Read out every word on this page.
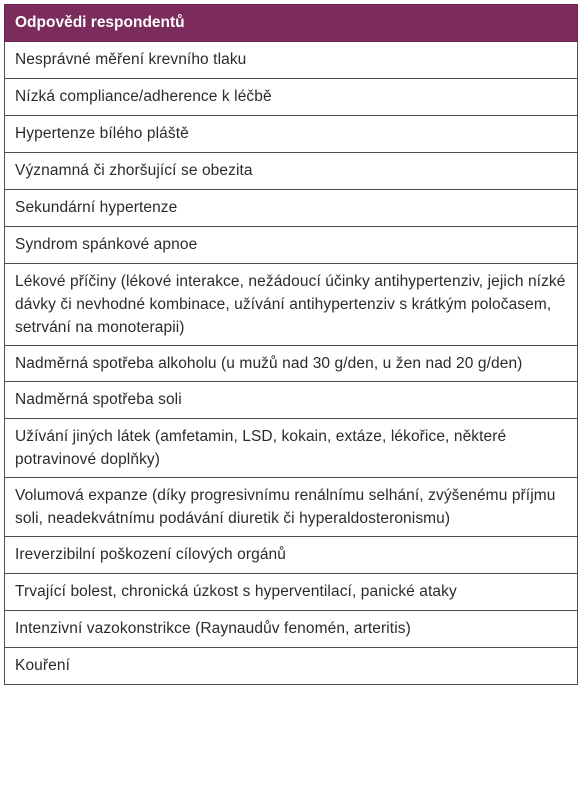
Odpovědi respondentů
Nesprávné měření krevního tlaku
Nízká compliance/adherence k léčbě
Hypertenze bílého pláště
Významná či zhoršující se obezita
Sekundární hypertenze
Syndrom spánkové apnoe
Lékové příčiny (lékové interakce, nežádoucí účinky antihypertenziv, jejich nízké dávky či nevhodné kombinace, užívání antihypertenziv s krátkým poločasem, setrvání na monoterapii)
Nadměrná spotřeba alkoholu (u mužů nad 30 g/den, u žen nad 20 g/den)
Nadměrná spotřeba soli
Užívání jiných látek (amfetamin, LSD, kokain, extáze, lékořice, některé potravinové doplňky)
Volumová expanze (díky progresivnímu renálnímu selhání, zvýšenému příjmu soli, neadekvátnímu podávání diuretik či hyperaldosteronismu)
Ireverzibilní poškození cílových orgánů
Trvající bolest, chronická úzkost s hyperventilací, panické ataky
Intenzivní vazokonstrikce (Raynaudův fenomén, arteritis)
Kouření
